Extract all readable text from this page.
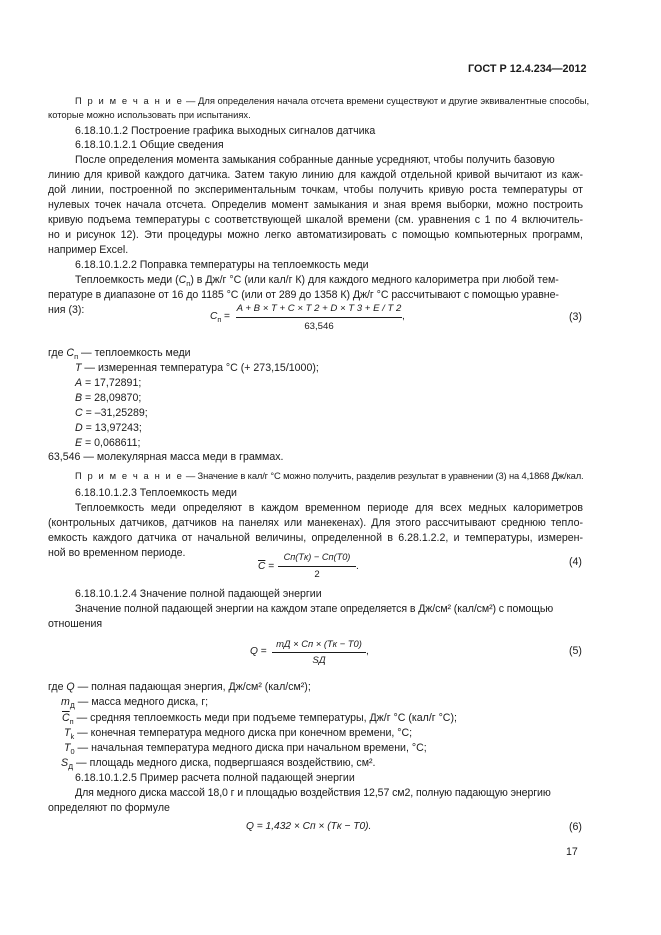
ГОСТ Р 12.4.234—2012
П р и м е ч а н и е — Для определения начала отсчета времени существуют и другие эквивалентные способы,
которые можно использовать при испытаниях.
6.18.10.1.2 Построение графика выходных сигналов датчика
6.18.10.1.2.1 Общие сведения
После определения момента замыкания собранные данные усредняют, чтобы получить базовую
линию для кривой каждого датчика. Затем такую линию для каждой отдельной кривой вычитают из каж-
дой линии, построенной по экспериментальным точкам, чтобы получить кривую роста температуры от
нулевых точек начала отсчета. Определив момент замыкания и зная время выборки, можно построить
кривую подъема температуры с соответствующей шкалой времени (см. уравнения с 1 по 4 включитель-
но и рисунок 12). Эти процедуры можно легко автоматизировать с помощью компьютерных программ,
например Excel.
6.18.10.1.2.2 Поправка температуры на теплоемкость меди
Теплоемкость меди $(C_п)$ в Дж/г °С (или кал/г К) для каждого медного калориметра при любой тем-
пературе в диапазоне от 16 до 1185 °С (или от 289 до 1358 К) Дж/г °С рассчитывают с помощью уравне-
ния (3):
$С_п$ =
A + B × T + C × T 2 + D × T 3 + E / T 2
63,546
,	(3)
где $С_п$ — теплоемкость меди
T — измеренная температура °С (+ 273,15/1000);
A = 17,72891;
B = 28,09870;
C = –31,25289;
D = 13,97243;
E = 0,068611;
63,546 — молекулярная масса меди в граммах.
П р и м е ч а н и е — Значение в кал/г °С можно получить, разделив результат в уравнении (3) на 4,1868 Дж/кал.
6.18.10.1.2.3 Теплоемкость меди
Теплоемкость меди определяют в каждом временном периоде для всех медных калориметров
(контрольных датчиков, датчиков на панелях или манекенах). Для этого рассчитывают среднюю тепло-
емкость каждого датчика от начальной величины, определенной в 6.28.1.2.2, и температуры, измерен-
ной во временном периоде.
$\overline{C}$ =
Cп(Tк) − Cп(T0)
2
.	(4)
6.18.10.1.2.4 Значение полной падающей энергии
Значение полной падающей энергии на каждом этапе определяется в Дж/см² (кал/см²) с помощью
отношения
Q =
mД × Cп × (Tк − T0)
SД
,	(5)
где Q — полная падающая энергия, Дж/см² (кал/см²);
$m_Д$ — масса медного диска, г;
$\overline{C}_п$ — средняя теплоемкость меди при подъеме температуры, Дж/г °С (кал/г °С);
$T_k$ — конечная температура медного диска при конечном времени, °С;
$T_0$ — начальная температура медного диска при начальном времени, °С;
$S_Д$ — площадь медного диска, подвергшаяся воздействию, см².
6.18.10.1.2.5 Пример расчета полной падающей энергии
Для медного диска массой 18,0 г и площадью воздействия 12,57 см2, полную падающую энергию
определяют по формуле
Q = 1,432 × Cп × (Tк − T0).	(6)
17
